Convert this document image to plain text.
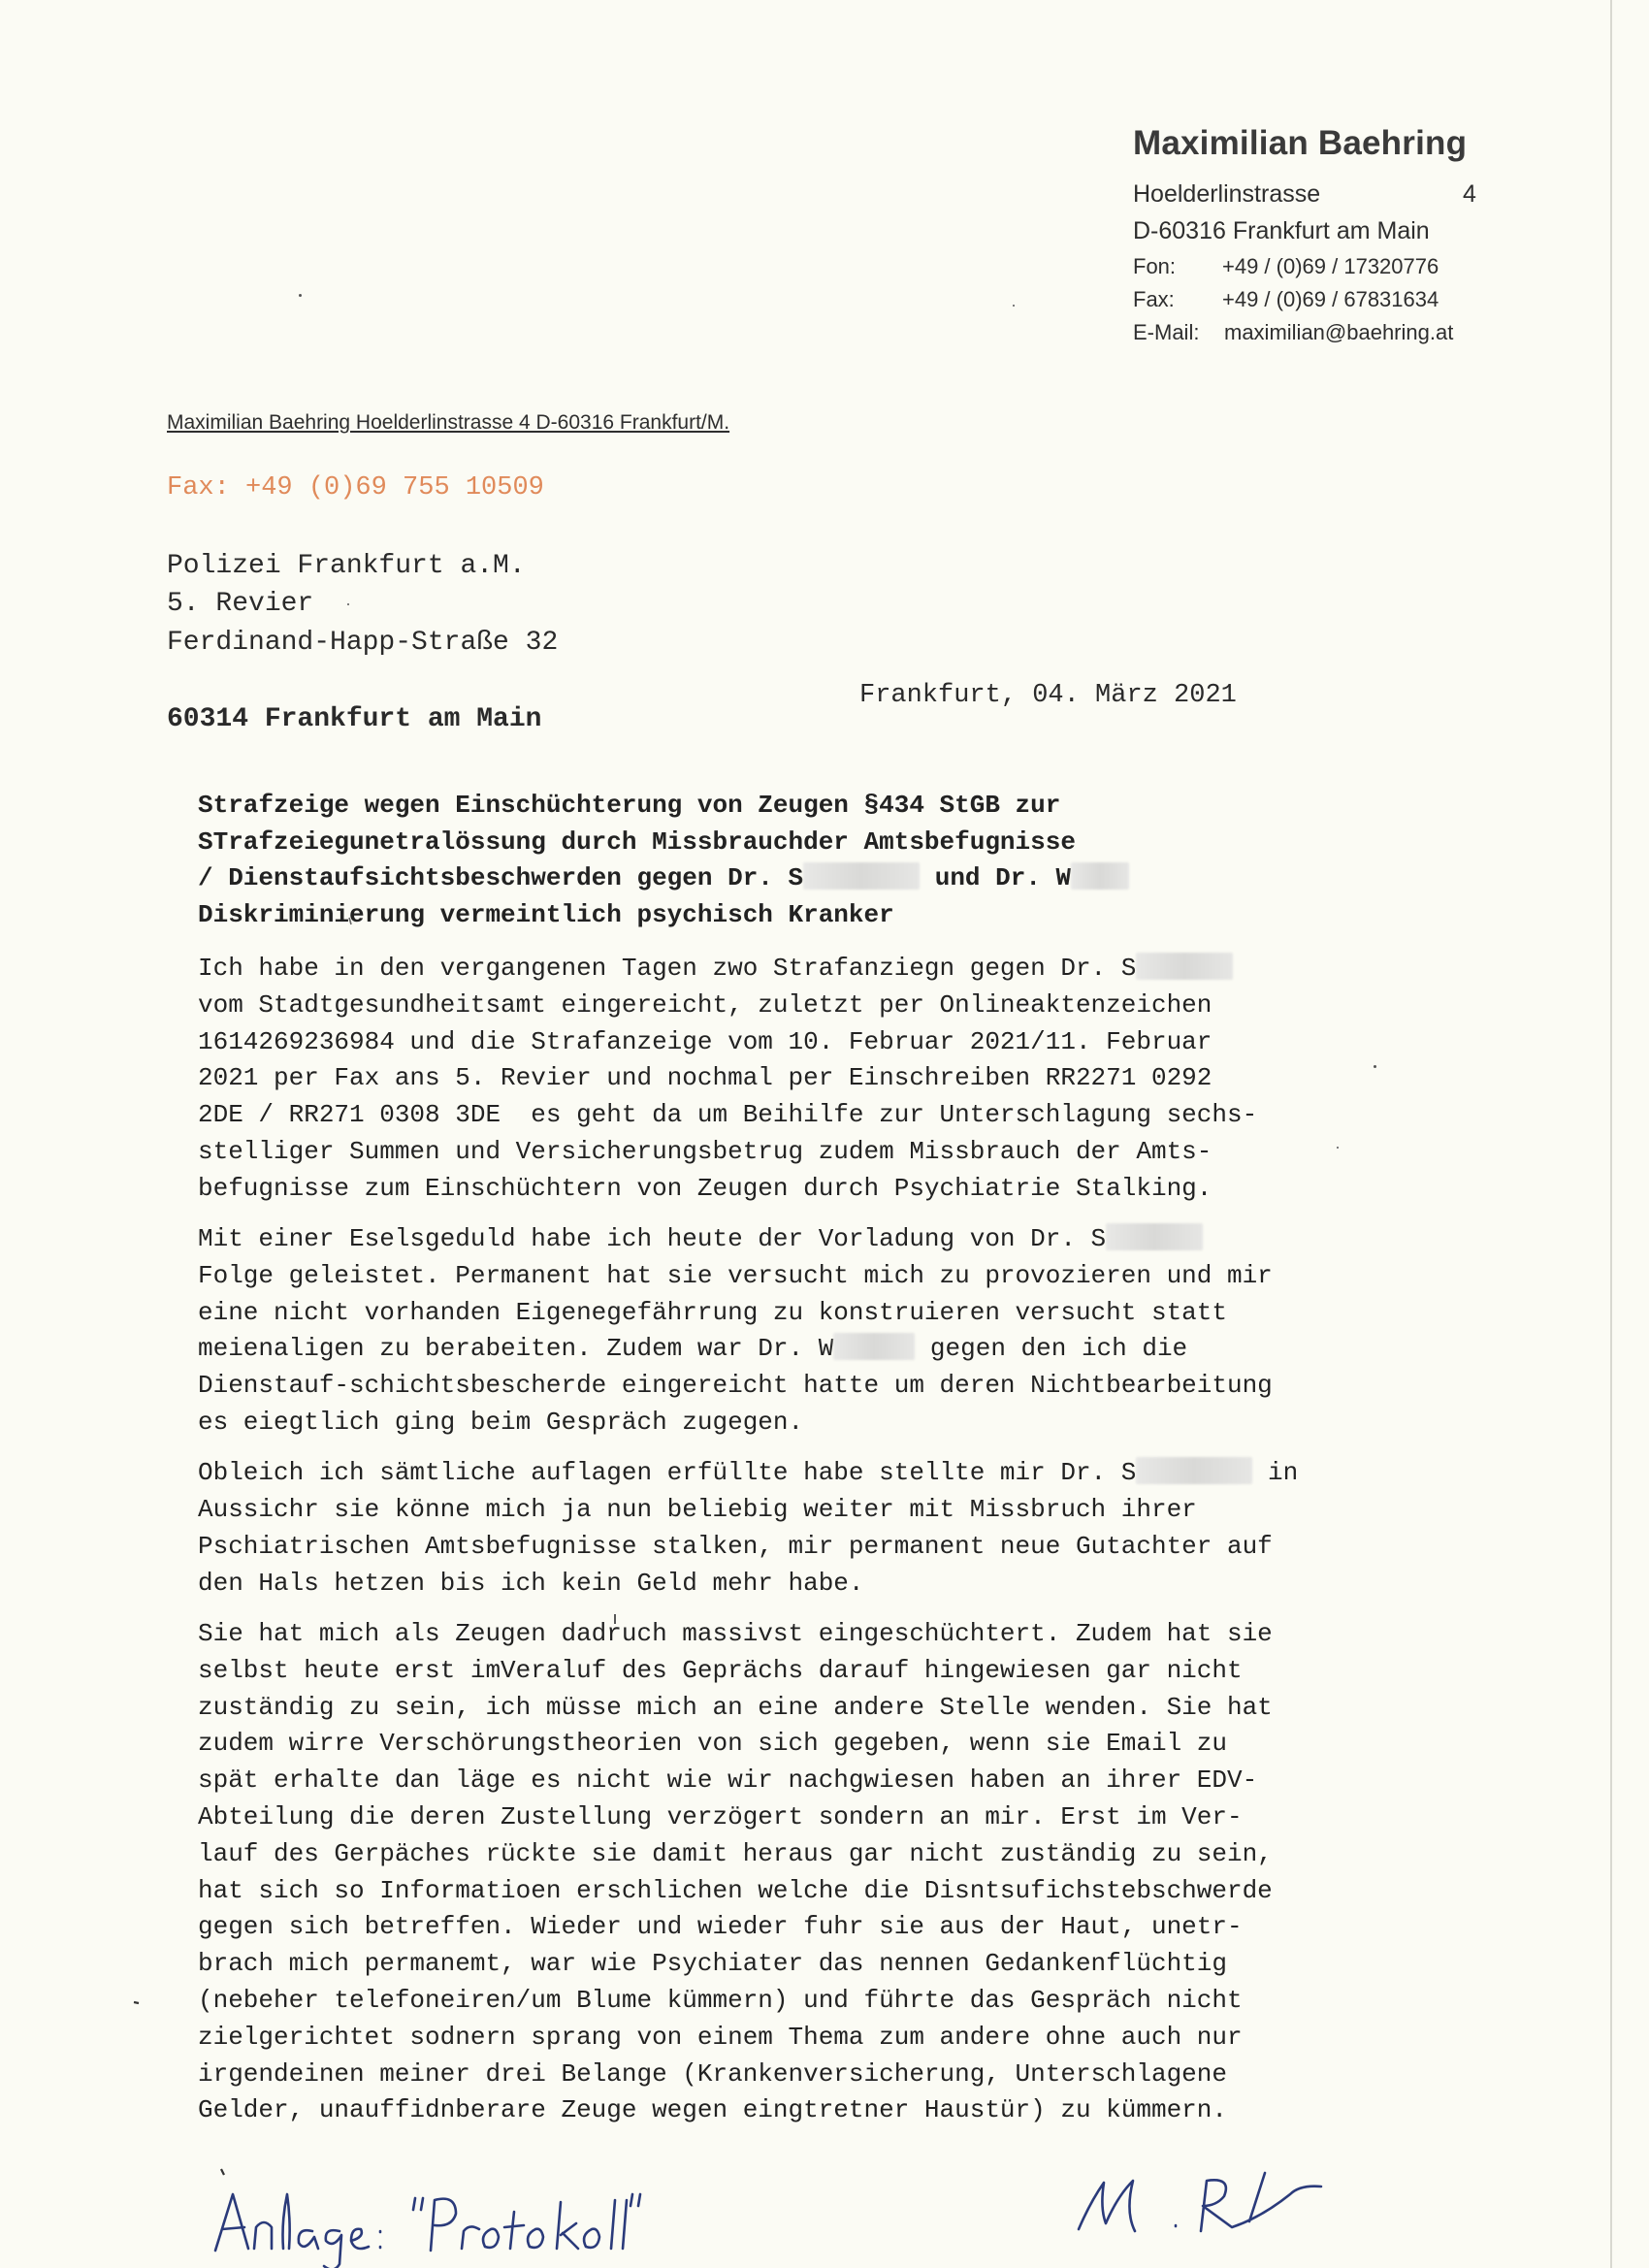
Maximilian Baehring
Hoelderlinstrasse	4
D-60316 Frankfurt am Main
Fon: +49 / (0)69 / 17320776
Fax: +49 / (0)69 / 67831634
E-Mail: maximilian@baehring.at
Maximilian Baehring Hoelderlinstrasse 4 D-60316 Frankfurt/M.
Fax: +49 (0)69 755 10509
Polizei Frankfurt a.M.
5. Revier
Ferdinand-Happ-Straße 32
60314 Frankfurt am Main
Frankfurt, 04. März 2021
Strafzeige wegen Einschüchterung von Zeugen §434 StGB zur
STrafzeiegunetralössung durch Missbrauchder Amtsbefugnisse
/ Dienstaufsichtsbeschwerden gegen Dr. S	und Dr. W
Diskriminierung vermeintlich psychisch Kranker
Ich habe in den vergangenen Tagen zwo Strafanziegn gegen Dr. S
vom Stadtgesundheitsamt eingereicht, zuletzt per Onlineaktenzeichen
1614269236984 und die Strafanzeige vom 10. Februar 2021/11. Februar
2021 per Fax ans 5. Revier und nochmal per Einschreiben RR2271 0292
2DE / RR271 0308 3DE  es geht da um Beihilfe zur Unterschlagung sechs-
stelliger Summen und Versicherungsbetrug zudem Missbrauch der Amts-
befugnisse zum Einschüchtern von Zeugen durch Psychiatrie Stalking.
Mit einer Eselsgeduld habe ich heute der Vorladung von Dr. S
Folge geleistet. Permanent hat sie versucht mich zu provozieren und mir
eine nicht vorhanden Eigenegefährrung zu konstruieren versucht statt
meienaligen zu berabeiten. Zudem war Dr. W	gegen den ich die
Dienstauf-schichtsbescherde eingereicht hatte um deren Nichtbearbeitung
es eiegtlich ging beim Gespräch zugegen.
Obleich ich sämtliche auflagen erfüllte habe stellte mir Dr. S	in
Aussichr sie könne mich ja nun beliebig weiter mit Missbruch ihrer
Pschiatrischen Amtsbefugnisse stalken, mir permanent neue Gutachter auf
den Hals hetzen bis ich kein Geld mehr habe.
Sie hat mich als Zeugen dadruch massivst eingeschüchtert. Zudem hat sie
selbst heute erst imVeraluf des Geprächs darauf hingewiesen gar nicht
zuständig zu sein, ich müsse mich an eine andere Stelle wenden. Sie hat
zudem wirre Verschörungstheorien von sich gegeben, wenn sie Email zu
spät erhalte dan läge es nicht wie wir nachgwiesen haben an ihrer EDV-
Abteilung die deren Zustellung verzögert sondern an mir. Erst im Ver-
lauf des Gerpäches rückte sie damit heraus gar nicht zuständig zu sein,
hat sich so Informatioen erschlichen welche die Disntsufichstebschwerde
gegen sich betreffen. Wieder und wieder fuhr sie aus der Haut, unetr-
brach mich permanemt, war wie Psychiater das nennen Gedankenflüchtig
(nebeher telefoneiren/um Blume kümmern) und führte das Gespräch nicht
zielgerichtet sodnern sprang von einem Thema zum andere ohne auch nur
irgendeinen meiner drei Belange (Krankenversicherung, Unterschlagene
Gelder, unauffidnberare Zeuge wegen eingtretner Haustür) zu kümmern.
